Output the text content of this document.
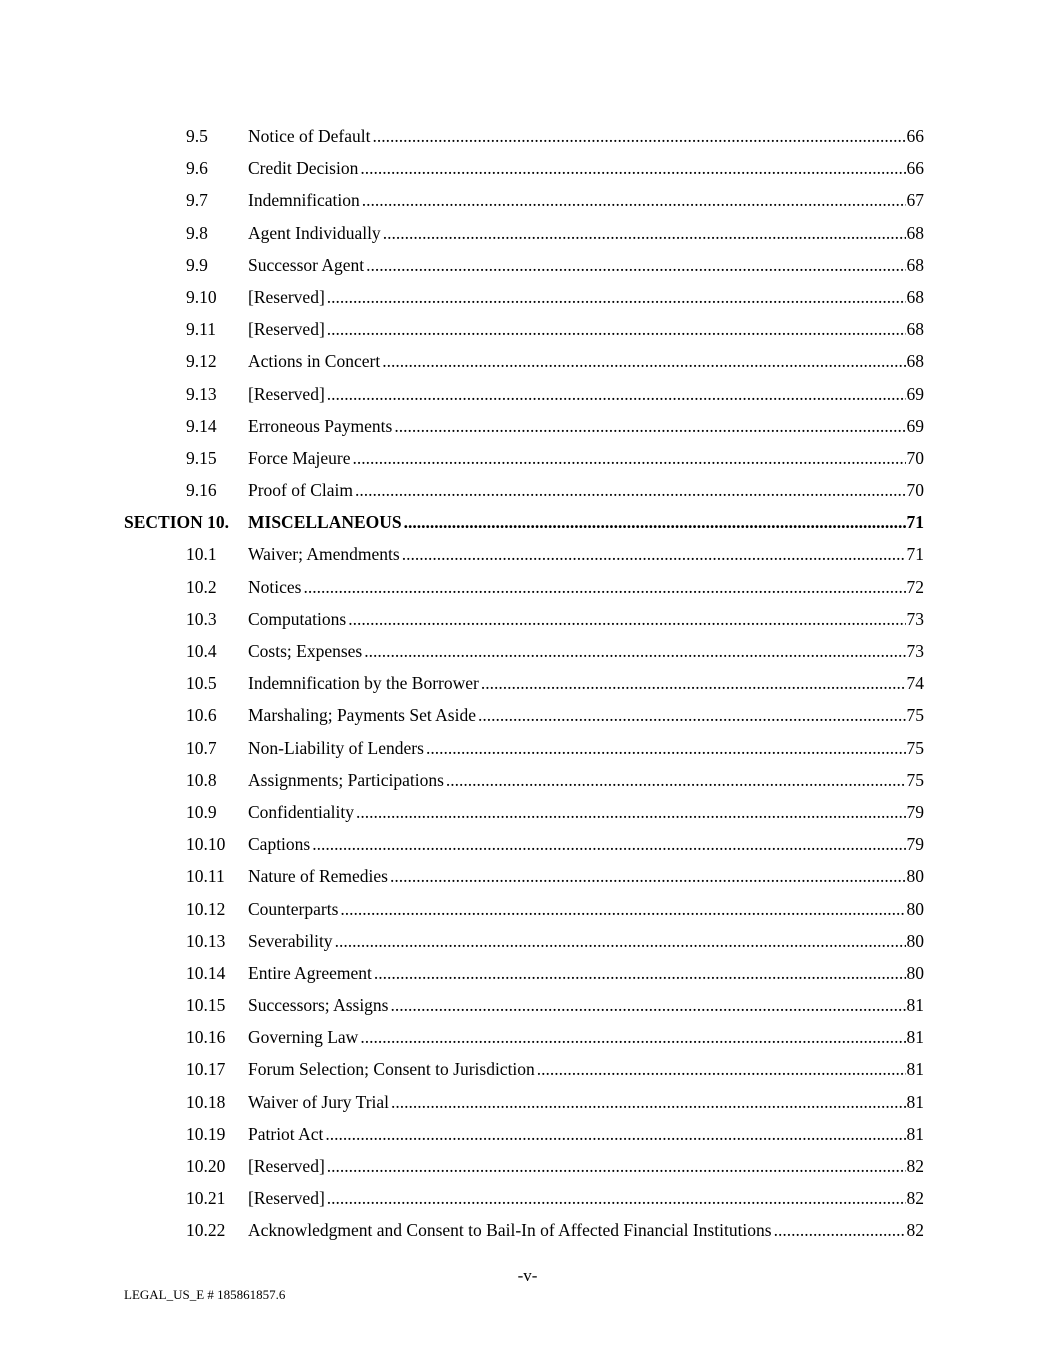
9.5 Notice of Default .....	66
9.6 Credit Decision .....	66
9.7 Indemnification .....	67
9.8 Agent Individually .....	68
9.9 Successor Agent .....	68
9.10 [Reserved] .....	68
9.11 [Reserved] .....	68
9.12 Actions in Concert .....	68
9.13 [Reserved] .....	69
9.14 Erroneous Payments .....	69
9.15 Force Majeure .....	70
9.16 Proof of Claim .....	70
SECTION 10. MISCELLANEOUS .....	71
10.1 Waiver; Amendments .....	71
10.2 Notices .....	72
10.3 Computations .....	73
10.4 Costs; Expenses .....	73
10.5 Indemnification by the Borrower .....	74
10.6 Marshaling; Payments Set Aside .....	75
10.7 Non-Liability of Lenders .....	75
10.8 Assignments; Participations .....	75
10.9 Confidentiality .....	79
10.10 Captions .....	79
10.11 Nature of Remedies .....	80
10.12 Counterparts .....	80
10.13 Severability .....	80
10.14 Entire Agreement .....	80
10.15 Successors; Assigns .....	81
10.16 Governing Law .....	81
10.17 Forum Selection; Consent to Jurisdiction .....	81
10.18 Waiver of Jury Trial .....	81
10.19 Patriot Act .....	81
10.20 [Reserved] .....	82
10.21 [Reserved] .....	82
10.22 Acknowledgment and Consent to Bail-In of Affected Financial Institutions .....	82
-v-
LEGAL_US_E # 185861857.6
